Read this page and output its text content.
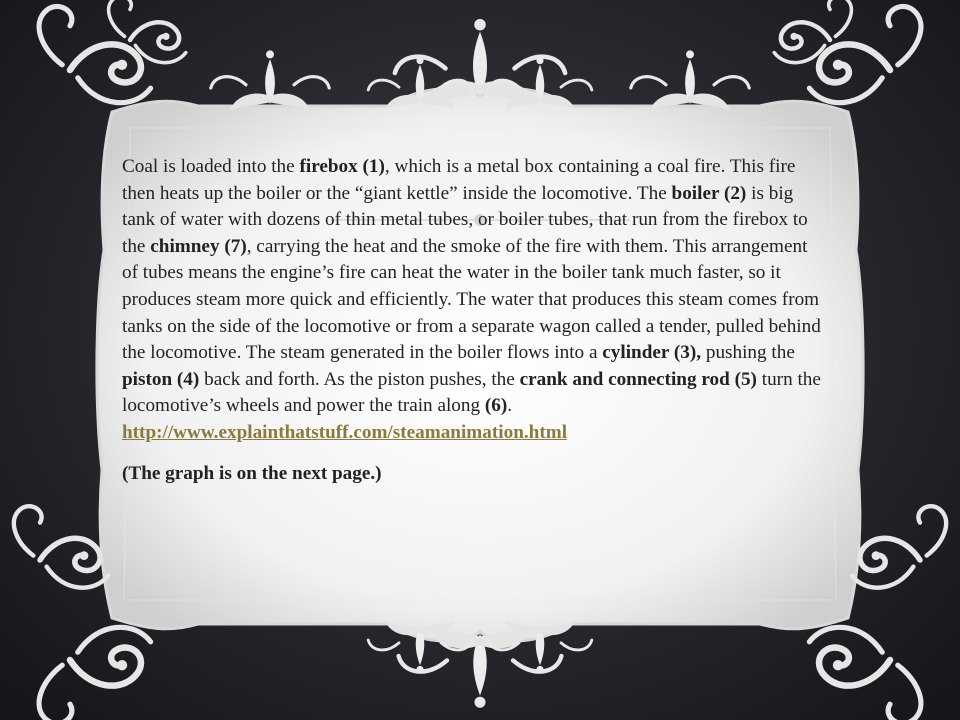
Coal is loaded into the firebox (1), which is a metal box containing a coal fire. This fire then heats up the boiler or the “giant kettle” inside the locomotive. The boiler (2) is big tank of water with dozens of thin metal tubes, or boiler tubes, that run from the firebox to the chimney (7), carrying the heat and the smoke of the fire with them. This arrangement of tubes means the engine’s fire can heat the water in the boiler tank much faster, so it produces steam more quick and efficiently. The water that produces this steam comes from tanks on the side of the locomotive or from a separate wagon called a tender, pulled behind the locomotive. The steam generated in the boiler flows into a cylinder (3), pushing the piston (4) back and forth. As the piston pushes, the crank and connecting rod (5) turn the locomotive’s wheels and power the train along (6). http://www.explainthatstuff.com/steamanimation.html

(The graph is on the next page.)
